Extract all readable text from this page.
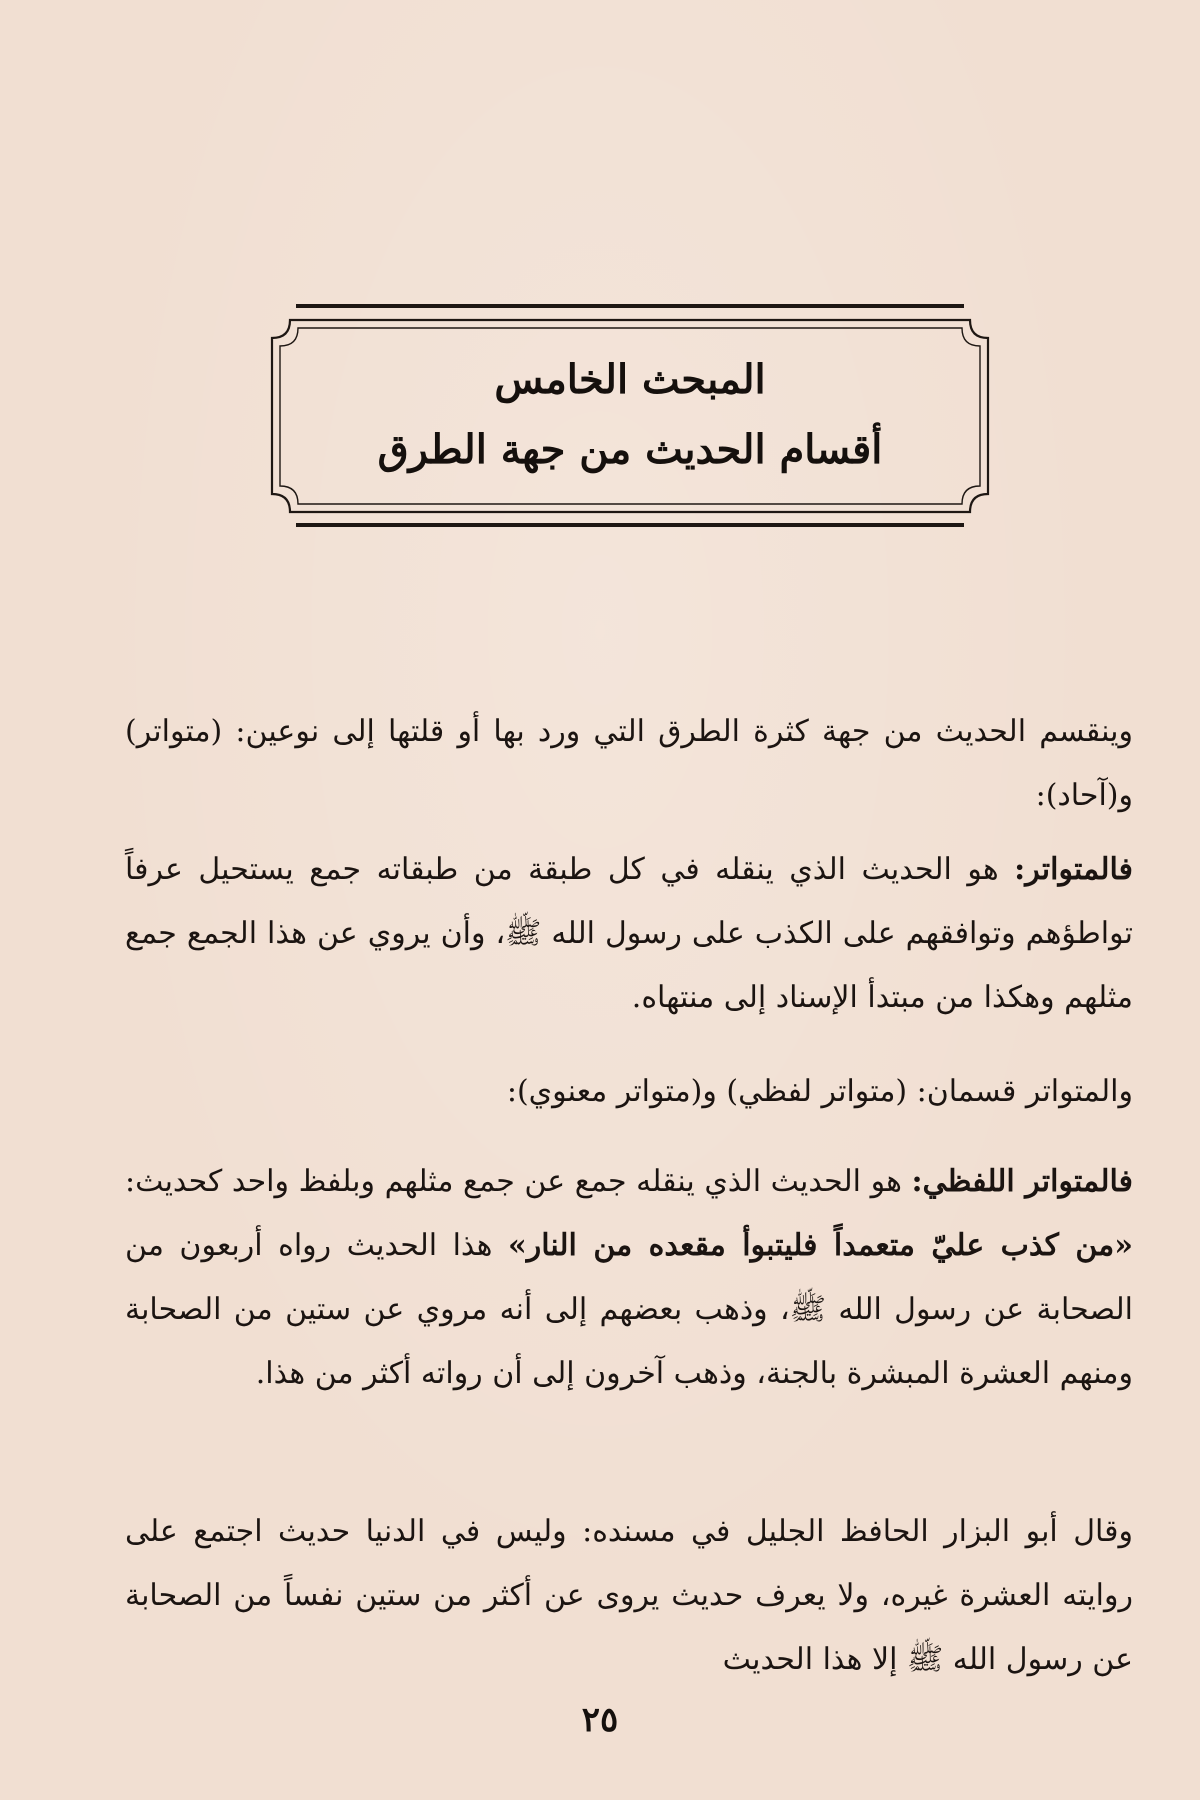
المبحث الخامس
أقسام الحديث من جهة الطرق

وينقسم الحديث من جهة كثرة الطرق التي ورد بها أو قلتها إلى نوعين: (متواتر) و(آحاد):

فالمتواتر: هو الحديث الذي ينقله في كل طبقة من طبقاته جمع يستحيل عرفاً تواطؤهم وتوافقهم على الكذب على رسول الله ﷺ، وأن يروي عن هذا الجمع جمع مثلهم وهكذا من مبتدأ الإسناد إلى منتهاه.

والمتواتر قسمان: (متواتر لفظي) و(متواتر معنوي):

فالمتواتر اللفظي: هو الحديث الذي ينقله جمع عن جمع مثلهم وبلفظ واحد كحديث: «من كذب عليّ متعمداً فليتبوأ مقعده من النار» هذا الحديث رواه أربعون من الصحابة عن رسول الله ﷺ، وذهب بعضهم إلى أنه مروي عن ستين من الصحابة ومنهم العشرة المبشرة بالجنة، وذهب آخرون إلى أن رواته أكثر من هذا.

وقال أبو البزار الحافظ الجليل في مسنده: وليس في الدنيا حديث اجتمع على روايته العشرة غيره، ولا يعرف حديث يروى عن أكثر من ستين نفساً من الصحابة عن رسول الله ﷺ إلا هذا الحديث

٢٥
